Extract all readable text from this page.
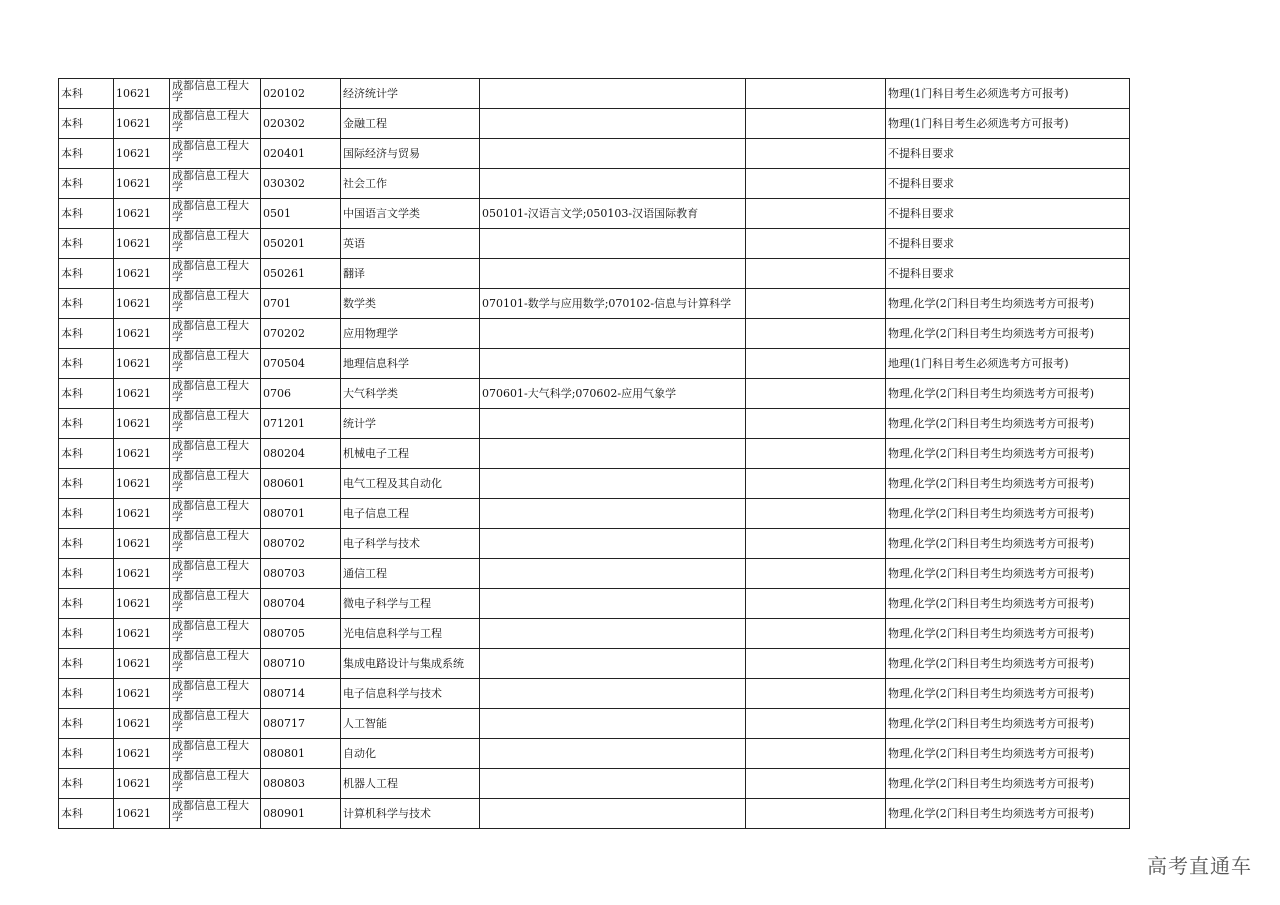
本科	10621	成都信息工程大学	020102	经济统计学			物理(1门科目考生必须选考方可报考)
本科	10621	成都信息工程大学	020302	金融工程			物理(1门科目考生必须选考方可报考)
本科	10621	成都信息工程大学	020401	国际经济与贸易			不提科目要求
本科	10621	成都信息工程大学	030302	社会工作			不提科目要求
本科	10621	成都信息工程大学	0501	中国语言文学类	050101-汉语言文学;050103-汉语国际教育		不提科目要求
本科	10621	成都信息工程大学	050201	英语			不提科目要求
本科	10621	成都信息工程大学	050261	翻译			不提科目要求
本科	10621	成都信息工程大学	0701	数学类	070101-数学与应用数学;070102-信息与计算科学		物理,化学(2门科目考生均须选考方可报考)
本科	10621	成都信息工程大学	070202	应用物理学			物理,化学(2门科目考生均须选考方可报考)
本科	10621	成都信息工程大学	070504	地理信息科学			地理(1门科目考生必须选考方可报考)
本科	10621	成都信息工程大学	0706	大气科学类	070601-大气科学;070602-应用气象学		物理,化学(2门科目考生均须选考方可报考)
本科	10621	成都信息工程大学	071201	统计学			物理,化学(2门科目考生均须选考方可报考)
本科	10621	成都信息工程大学	080204	机械电子工程			物理,化学(2门科目考生均须选考方可报考)
本科	10621	成都信息工程大学	080601	电气工程及其自动化			物理,化学(2门科目考生均须选考方可报考)
本科	10621	成都信息工程大学	080701	电子信息工程			物理,化学(2门科目考生均须选考方可报考)
本科	10621	成都信息工程大学	080702	电子科学与技术			物理,化学(2门科目考生均须选考方可报考)
本科	10621	成都信息工程大学	080703	通信工程			物理,化学(2门科目考生均须选考方可报考)
本科	10621	成都信息工程大学	080704	微电子科学与工程			物理,化学(2门科目考生均须选考方可报考)
本科	10621	成都信息工程大学	080705	光电信息科学与工程			物理,化学(2门科目考生均须选考方可报考)
本科	10621	成都信息工程大学	080710	集成电路设计与集成系统			物理,化学(2门科目考生均须选考方可报考)
本科	10621	成都信息工程大学	080714	电子信息科学与技术			物理,化学(2门科目考生均须选考方可报考)
本科	10621	成都信息工程大学	080717	人工智能			物理,化学(2门科目考生均须选考方可报考)
本科	10621	成都信息工程大学	080801	自动化			物理,化学(2门科目考生均须选考方可报考)
本科	10621	成都信息工程大学	080803	机器人工程			物理,化学(2门科目考生均须选考方可报考)
本科	10621	成都信息工程大学	080901	计算机科学与技术			物理,化学(2门科目考生均须选考方可报考)
高考直通车
